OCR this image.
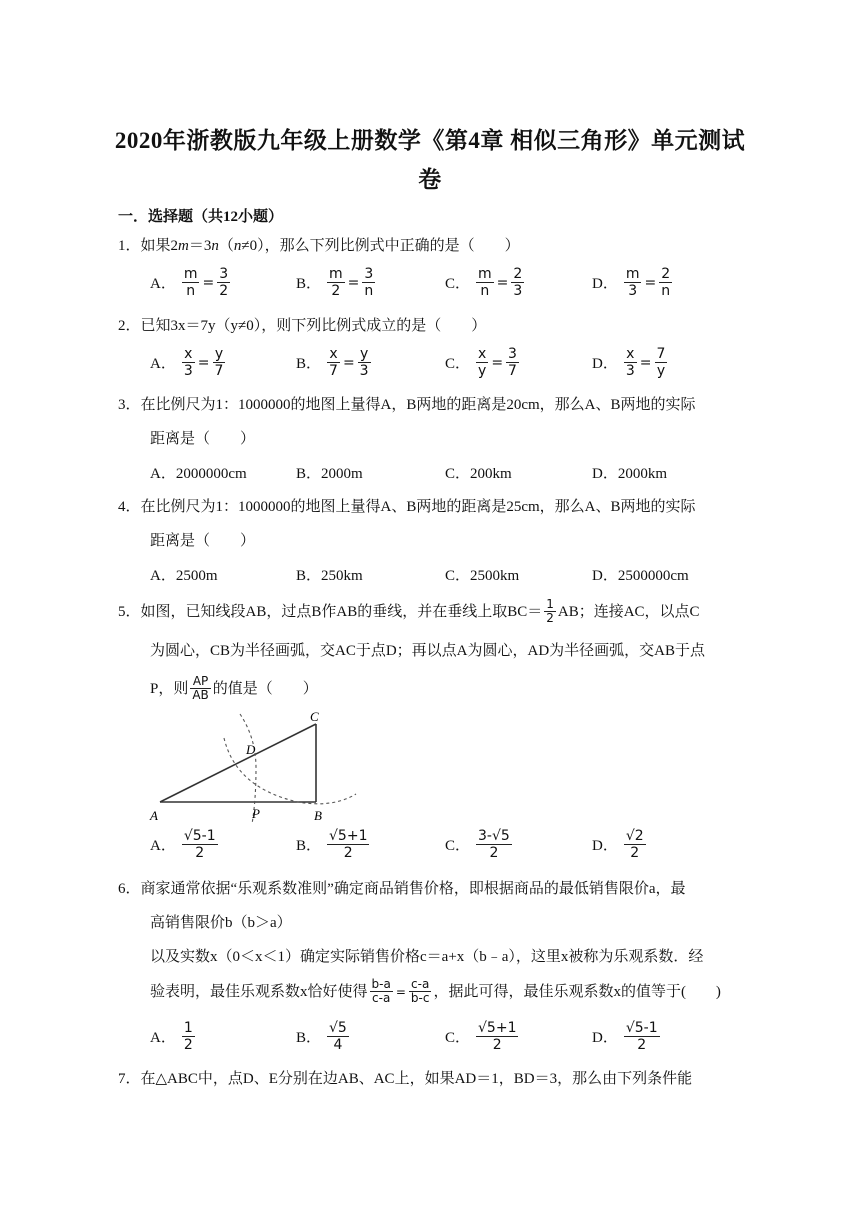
2020年浙教版九年级上册数学《第4章 相似三角形》单元测试
卷
一．选择题（共12小题）
1．如果2m＝3n（n≠0），那么下列比例式中正确的是（　　）
A． $\frac{m}{n} = \frac{3}{2}$	B． $\frac{m}{2} = \frac{3}{n}$	C． $\frac{m}{n} = \frac{2}{3}$	D． $\frac{m}{3} = \frac{2}{n}$
2．已知3x＝7y（y≠0），则下列比例式成立的是（　　）
A． $\frac{x}{3} = \frac{y}{7}$	B． $\frac{x}{7} = \frac{y}{3}$	C． $\frac{x}{y} = \frac{3}{7}$	D． $\frac{x}{3} = \frac{7}{y}$
3．在比例尺为1：1000000的地图上量得A，B两地的距离是20cm，那么A、B两地的实际
距离是（　　）
A．2000000cm	B．2000m	C．200km	D．2000km
4．在比例尺为1：1000000的地图上量得A、B两地的距离是25cm，那么A、B两地的实际
距离是（　　）
A．2500m	B．250km	C．2500km	D．2500000cm
5． 如图，已知线段AB，过点B作AB的垂线，并在垂线上取$BC= \frac{1}{2}$ AB；连接AC，以点C
为圆心，CB为半径画弧，交AC于点D；再以点A为圆心，AD为半径画弧，交AB于点
P，则 $\frac{AP}{AB}$ 的值是（　　）
A	B
C
D
P
A． $\frac{√5-1}{2}$	B． $\frac{√5+1}{2}$	C． $\frac{3-√5}{2}$	D． $\frac{√2}{2}$
6．商家通常依据“乐观系数准则”确定商品销售价格，即根据商品的最低销售限价a，最
高销售限价b（b＞a）
以及实数x（0＜x＜1）确定实际销售价格c＝a+x（b﹣a），这里x被称为乐观系数．经
验表明，最佳乐观系数x恰好使得 $\frac{b-a}{c-a} = \frac{c-a}{b-c}$ ，据此可得，最佳乐观系数x的值等于(　　)
A． $\frac{1}{2}$	B． $\frac{√5}{4}$	C． $\frac{√5+1}{2}$	D． $\frac{√5-1}{2}$
7．在△ABC中，点D、E分别在边AB、AC上，如果AD＝1，BD＝3，那么由下列条件能
